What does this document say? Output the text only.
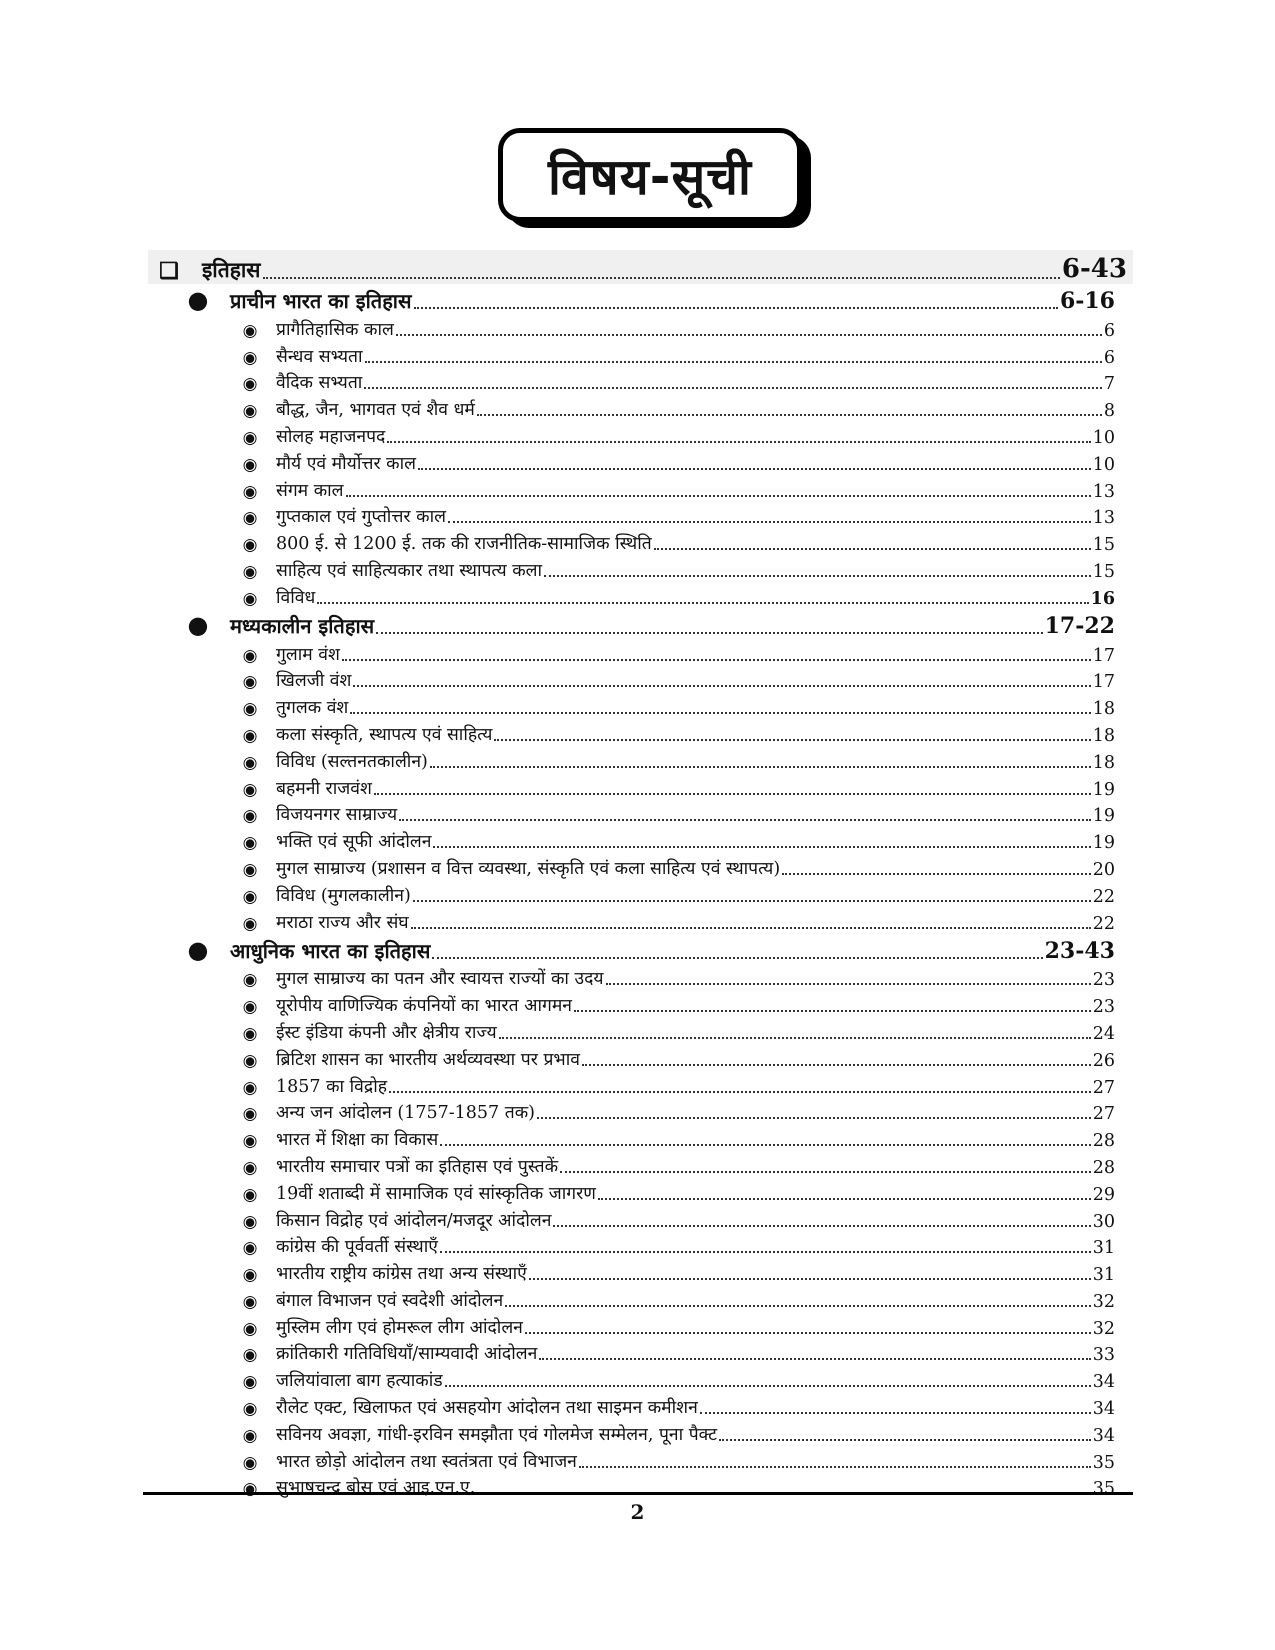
विषय-सूची
❑	इतिहास	6-43
●	प्राचीन भारत का इतिहास	6-16
◉ प्रागैतिहासिक काल	6
◉ सैन्धव सभ्यता	6
◉ वैदिक सभ्यता	7
◉ बौद्ध, जैन, भागवत एवं शैव धर्म	8
◉ सोलह महाजनपद	10
◉ मौर्य एवं मौर्योत्तर काल	10
◉ संगम काल	13
◉ गुप्तकाल एवं गुप्तोत्तर काल	13
◉ 800 ई. से 1200 ई. तक की राजनीतिक-सामाजिक स्थिति	15
◉ साहित्य एवं साहित्यकार तथा स्थापत्य कला	15
◉ विविध	16
●	मध्यकालीन इतिहास	17-22
◉ गुलाम वंश	17
◉ खिलजी वंश	17
◉ तुगलक वंश	18
◉ कला संस्कृति, स्थापत्य एवं साहित्य	18
◉ विविध (सल्तनतकालीन)	18
◉ बहमनी राजवंश	19
◉ विजयनगर साम्राज्य	19
◉ भक्ति एवं सूफी आंदोलन	19
◉ मुगल साम्राज्य (प्रशासन व वित्त व्यवस्था, संस्कृति एवं कला साहित्य एवं स्थापत्य)	20
◉ विविध (मुगलकालीन)	22
◉ मराठा राज्य और संघ	22
●	आधुनिक भारत का इतिहास	23-43
◉ मुगल साम्राज्य का पतन और स्वायत्त राज्यों का उदय	23
◉ यूरोपीय वाणिज्यिक कंपनियों का भारत आगमन	23
◉ ईस्ट इंडिया कंपनी और क्षेत्रीय राज्य	24
◉ ब्रिटिश शासन का भारतीय अर्थव्यवस्था पर प्रभाव	26
◉ 1857 का विद्रोह	27
◉ अन्य जन आंदोलन (1757-1857 तक)	27
◉ भारत में शिक्षा का विकास	28
◉ भारतीय समाचार पत्रों का इतिहास एवं पुस्तकें	28
◉ 19वीं शताब्दी में सामाजिक एवं सांस्कृतिक जागरण	29
◉ किसान विद्रोह एवं आंदोलन/मजदूर आंदोलन	30
◉ कांग्रेस की पूर्ववर्ती संस्थाएँ	31
◉ भारतीय राष्ट्रीय कांग्रेस तथा अन्य संस्थाएँ	31
◉ बंगाल विभाजन एवं स्वदेशी आंदोलन	32
◉ मुस्लिम लीग एवं होमरूल लीग आंदोलन	32
◉ क्रांतिकारी गतिविधियाँ/साम्यवादी आंदोलन	33
◉ जलियांवाला बाग हत्याकांड	34
◉ रौलेट एक्ट, खिलाफत एवं असहयोग आंदोलन तथा साइमन कमीशन	34
◉ सविनय अवज्ञा, गांधी-इरविन समझौता एवं गोलमेज सम्मेलन, पूना पैक्ट	34
◉ भारत छोड़ो आंदोलन तथा स्वतंत्रता एवं विभाजन	35
◉ सुभाषचन्द्र बोस एवं आइ.एन.ए.	35
2
